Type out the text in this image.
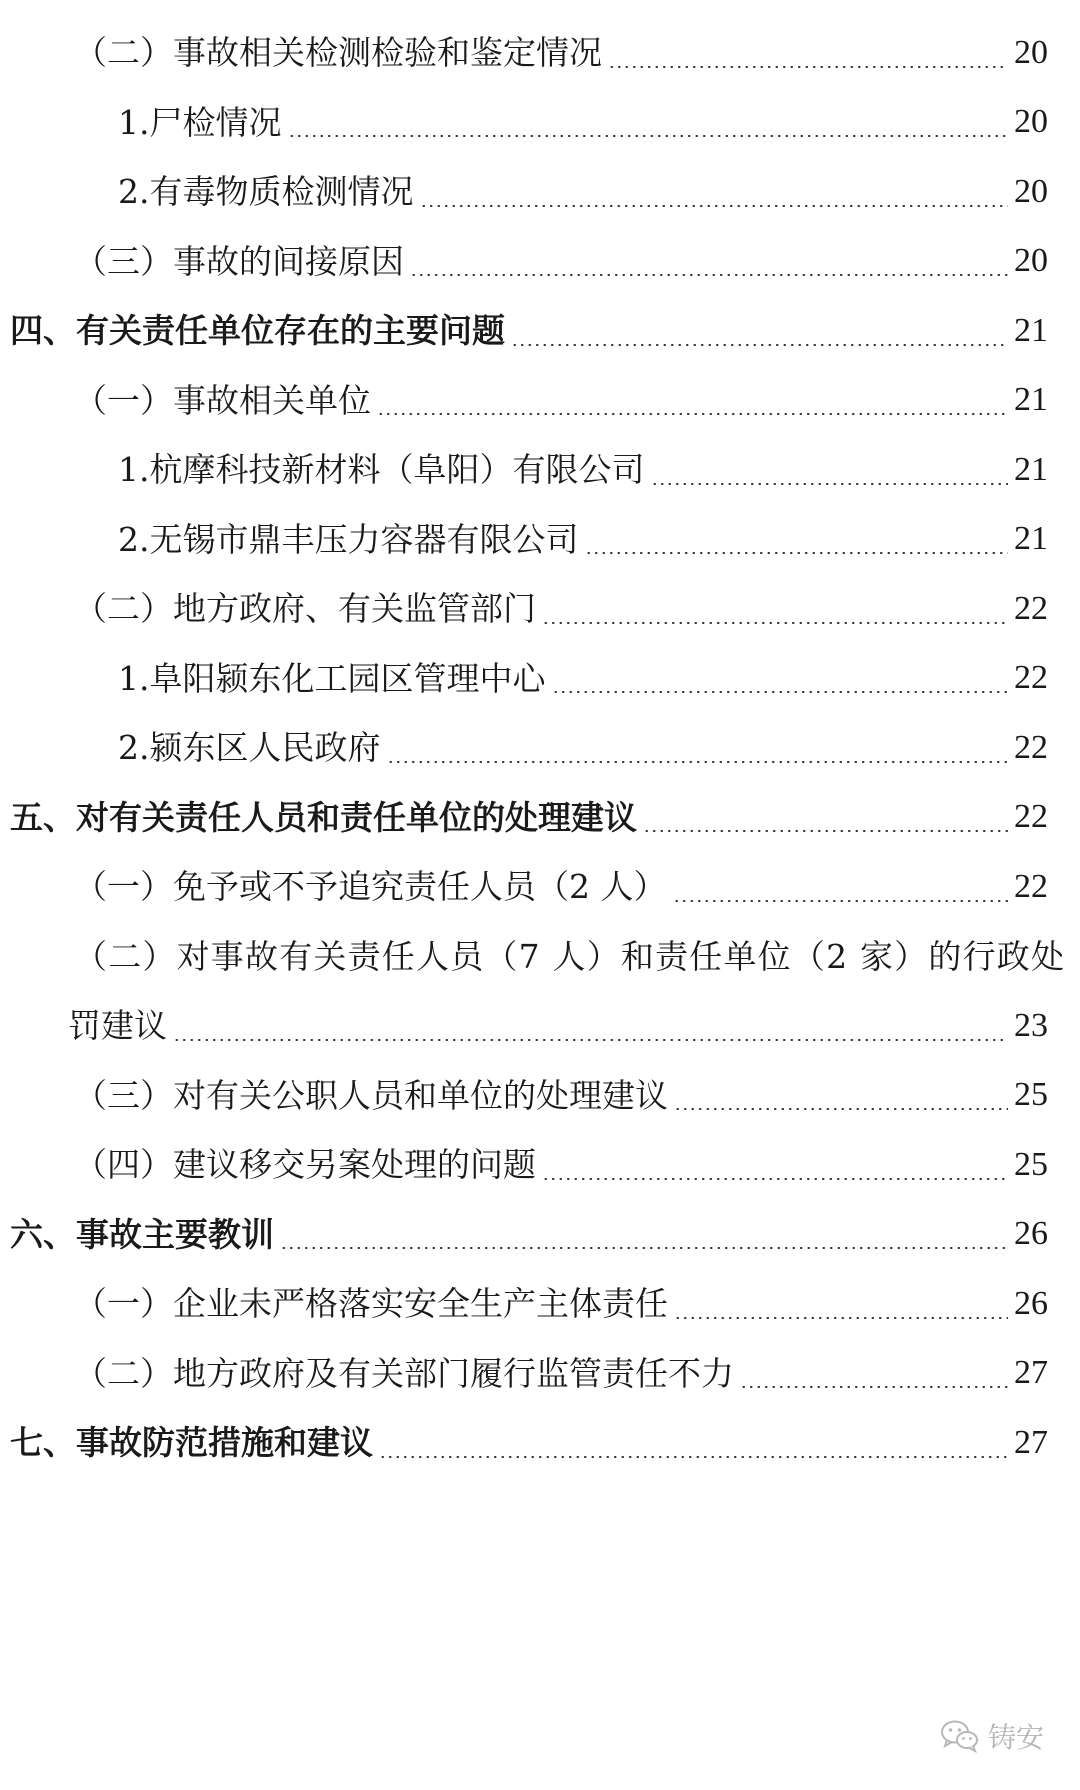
（二）事故相关检测检验和鉴定情况	20
1.尸检情况	20
2.有毒物质检测情况	20
（三）事故的间接原因	20
四、有关责任单位存在的主要问题	21
（一）事故相关单位	21
1.杭摩科技新材料（阜阳）有限公司	21
2.无锡市鼎丰压力容器有限公司	21
（二）地方政府、有关监管部门	22
1.阜阳颍东化工园区管理中心	22
2.颍东区人民政府	22
五、对有关责任人员和责任单位的处理建议	22
（一）免予或不予追究责任人员（2 人）	22
（二）对事故有关责任人员（7 人）和责任单位（2 家）的行政处
罚建议	23
（三）对有关公职人员和单位的处理建议	25
（四）建议移交另案处理的问题	25
六、事故主要教训	26
（一）企业未严格落实安全生产主体责任	26
（二）地方政府及有关部门履行监管责任不力	27
七、事故防范措施和建议	27
铸安
